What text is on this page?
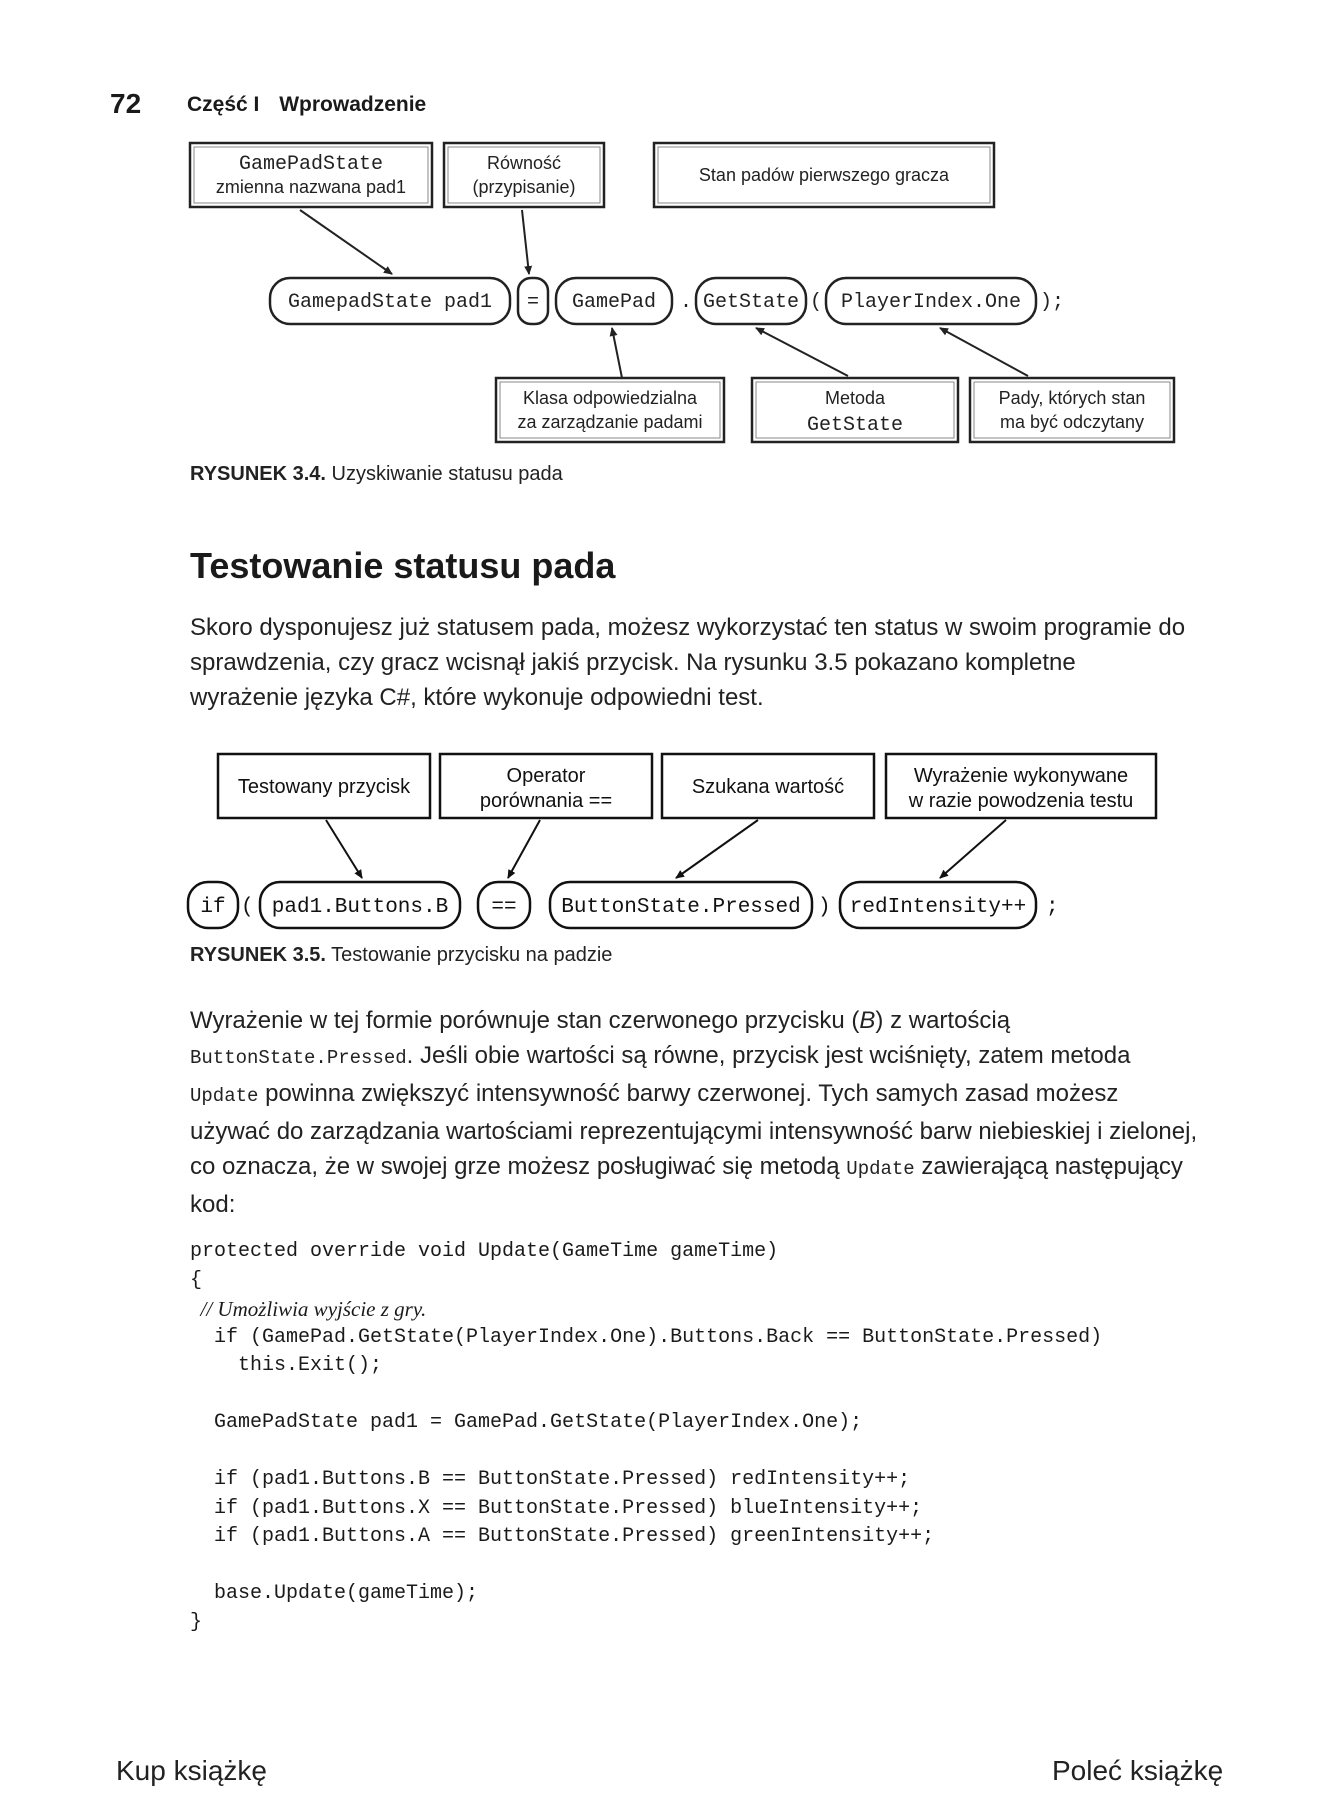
72 Część I Wprowadzenie
GamePadState
zmienna nazwana pad1
Równość
(przypisanie)
Stan padów pierwszego gracza
GamepadState pad1 = GamePad . GetState ( PlayerIndex.One );
Klasa odpowiedzialna
za zarządzanie padami
Metoda
GetState
Pady, których stan
ma być odczytany
RYSUNEK 3.4. Uzyskiwanie statusu pada
Testowanie statusu pada
Skoro dysponujesz już statusem pada, możesz wykorzystać ten status w swoim programie do sprawdzenia, czy gracz wcisnął jakiś przycisk. Na rysunku 3.5 pokazano kompletne wyrażenie języka C#, które wykonuje odpowiedni test.
Testowany przycisk	Operator
porównania ==
Szukana wartość	Wyrażenie wykonywane
w razie powodzenia testu
if ( pad1.Buttons.B == ButtonState.Pressed ) redIntensity++ ;
RYSUNEK 3.5. Testowanie przycisku na padzie
Wyrażenie w tej formie porównuje stan czerwonego przycisku (B) z wartością ButtonState.Pressed. Jeśli obie wartości są równe, przycisk jest wciśnięty, zatem metoda Update powinna zwiększyć intensywność barwy czerwonej. Tych samych zasad możesz używać do zarządzania wartościami reprezentującymi intensywność barw niebieskiej i zielonej, co oznacza, że w swojej grze możesz posługiwać się metodą Update zawierającą następujący kod:
protected override void Update(GameTime gameTime)
{
// Umożliwia wyjście z gry.
if (GamePad.GetState(PlayerIndex.One).Buttons.Back == ButtonState.Pressed)
this.Exit();
GamePadState pad1 = GamePad.GetState(PlayerIndex.One);
if (pad1.Buttons.B == ButtonState.Pressed) redIntensity++;
if (pad1.Buttons.X == ButtonState.Pressed) blueIntensity++;
if (pad1.Buttons.A == ButtonState.Pressed) greenIntensity++;
base.Update(gameTime);
}
Kup książkę	Poleć książkę
